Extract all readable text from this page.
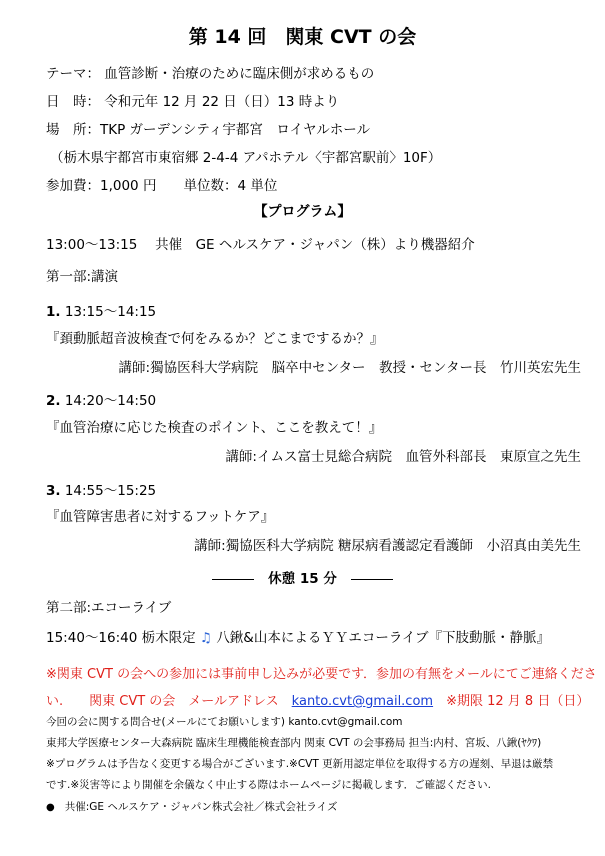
第 14 回　関東 CVT の会
テーマ： 血管診断・治療のために臨床側が求めるもの
日　時： 令和元年 12 月 22 日（日）13 時より
場　所：TKP ガーデンシティ宇都宮　ロイヤルホール
（栃木県宇都宮市東宿郷 2-4-4 アパホテル〈宇都宮駅前〉10F）
参加費：1,000 円　　単位数：4 単位
【プログラム】
13:00～13:15　 共催　GE ヘルスケア・ジャパン（株）より機器紹介
第一部:講演
1. 13:15～14:15
『頚動脈超音波検査で何をみるか？どこまでするか？』
講師:獨協医科大学病院　脳卒中センター　教授・センター長　竹川英宏先生
2. 14:20～14:50
『血管治療に応じた検査のポイント、ここを教えて！』
講師:イムス富士見総合病院　血管外科部長　東原宣之先生
3. 14:55～15:25
『血管障害患者に対するフットケア』
講師:獨協医科大学病院 糖尿病看護認定看護師　小沼真由美先生
休憩 15 分
第二部:エコーライブ
15:40～16:40 栃木限定 ♫ 八鍬&山本によるＹＹエコーライブ『下肢動脈・静脈』
※関東 CVT の会への参加には事前申し込みが必要です．参加の有無をメールにてご連絡くださ
い.　　関東 CVT の会　メールアドレス　kanto.cvt@gmail.com　※期限 12 月 8 日（日）
今回の会に関する問合せ(メールにてお願いします) kanto.cvt@gmail.com
東邦大学医療センター大森病院 臨床生理機能検査部内 関東 CVT の会事務局 担当:内村、宮坂、八鍬(ﾔｸﾜ)
※プログラムは予告なく変更する場合がございます.※CVT 更新用認定単位を取得する方の遅刻、早退は厳禁
です.※災害等により開催を余儀なく中止する際はホームページに掲載します．ご確認ください.
● 共催:GE ヘルスケア・ジャパン株式会社／株式会社ライズ
